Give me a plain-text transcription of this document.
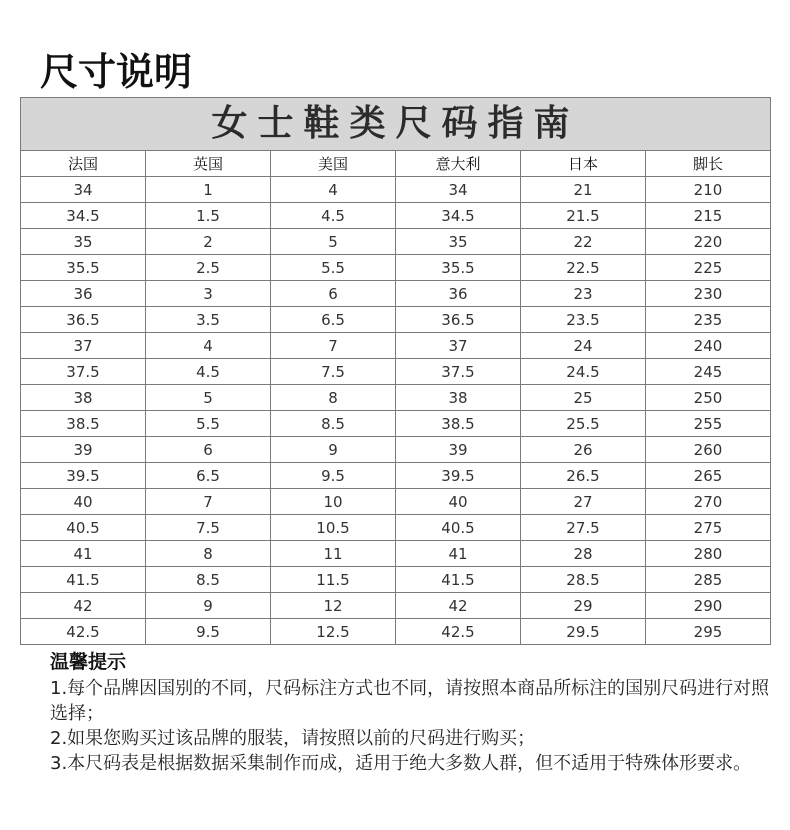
尺寸说明
女士鞋类尺码指南					
法国	英国	美国	意大利	日本	脚长
34	1	4	34	21	210
34.5	1.5	4.5	34.5	21.5	215
35	2	5	35	22	220
35.5	2.5	5.5	35.5	22.5	225
36	3	6	36	23	230
36.5	3.5	6.5	36.5	23.5	235
37	4	7	37	24	240
37.5	4.5	7.5	37.5	24.5	245
38	5	8	38	25	250
38.5	5.5	8.5	38.5	25.5	255
39	6	9	39	26	260
39.5	6.5	9.5	39.5	26.5	265
40	7	10	40	27	270
40.5	7.5	10.5	40.5	27.5	275
41	8	11	41	28	280
41.5	8.5	11.5	41.5	28.5	285
42	9	12	42	29	290
42.5	9.5	12.5	42.5	29.5	295

温馨提示

1.每个品牌因国别的不同，尺码标注方式也不同，请按照本商品所标注的国别尺码进行对照选择；

2.如果您购买过该品牌的服装，请按照以前的尺码进行购买；

3.本尺码表是根据数据采集制作而成，适用于绝大多数人群，但不适用于特殊体形要求。
